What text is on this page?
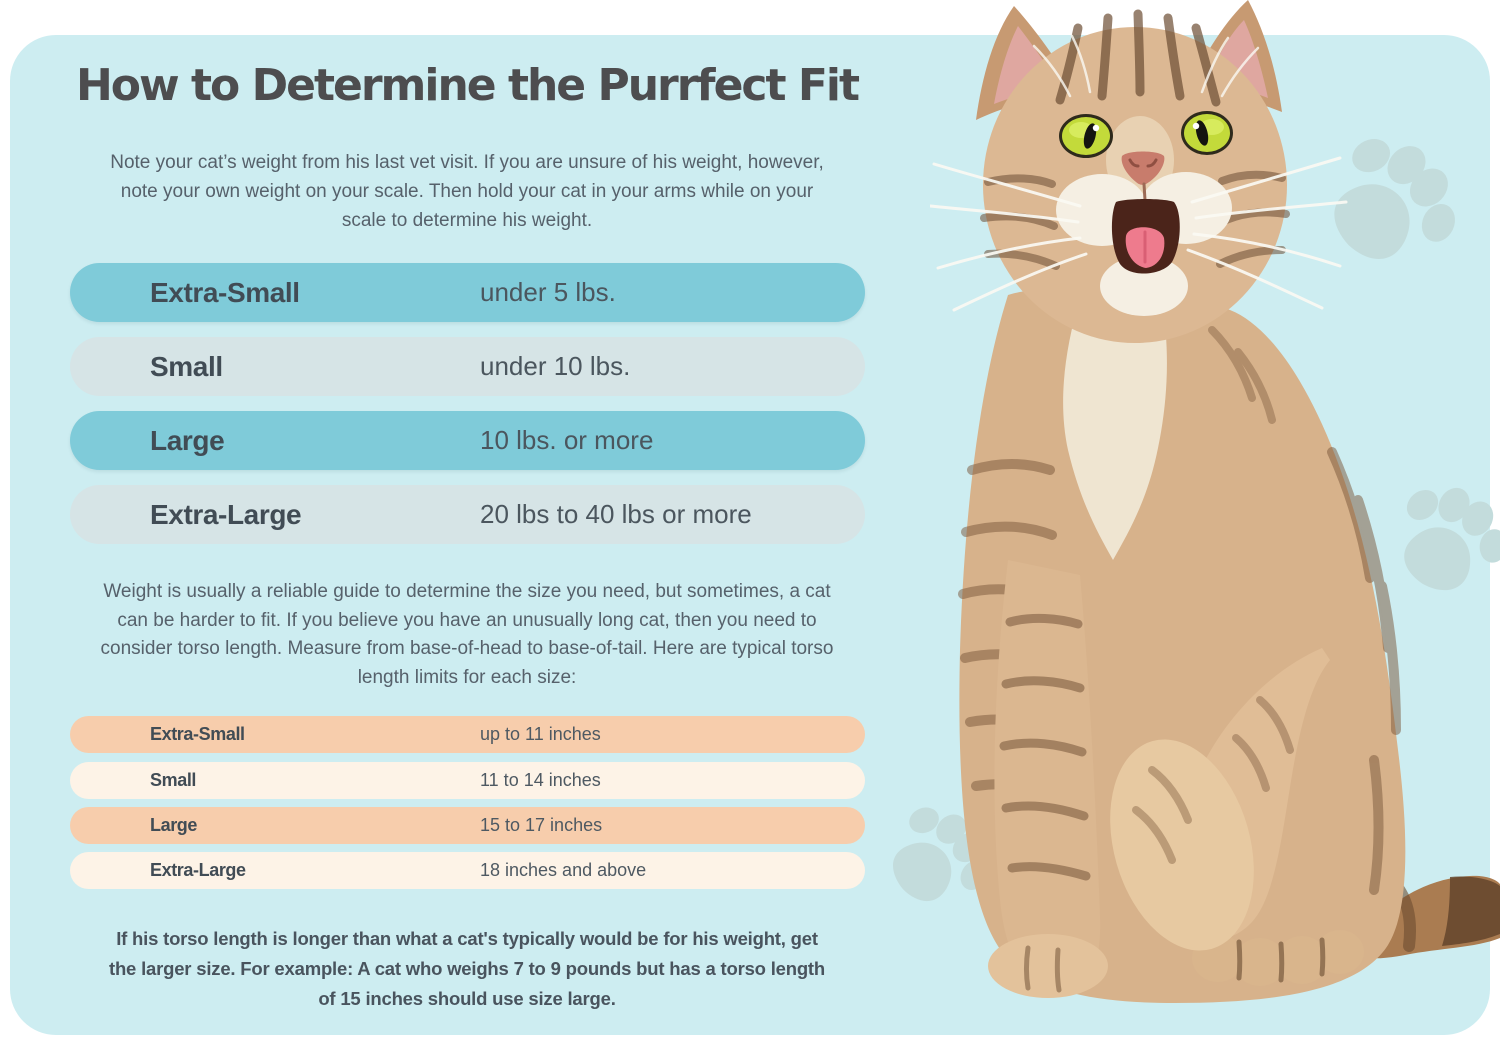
How to Determine the Purrfect Fit
Note your cat’s weight from his last vet visit. If you are unsure of his weight, however,
note your own weight on your scale. Then hold your cat in your arms while on your
scale to determine his weight.
Extra-Small	under 5 lbs.
Small	under 10 lbs.
Large	10 lbs. or more
Extra-Large	20 lbs to 40 lbs or more
Weight is usually a reliable guide to determine the size you need, but sometimes, a cat
can be harder to fit. If you believe you have an unusually long cat, then you need to
consider torso length. Measure from base-of-head to base-of-tail. Here are typical torso
length limits for each size:
Extra-Small	up to 11 inches
Small	11 to 14 inches
Large	15 to 17 inches
Extra-Large	18 inches and above
If his torso length is longer than what a cat's typically would be for his weight, get
the larger size. For example: A cat who weighs 7 to 9 pounds but has a torso length
of 15 inches should use size large.
